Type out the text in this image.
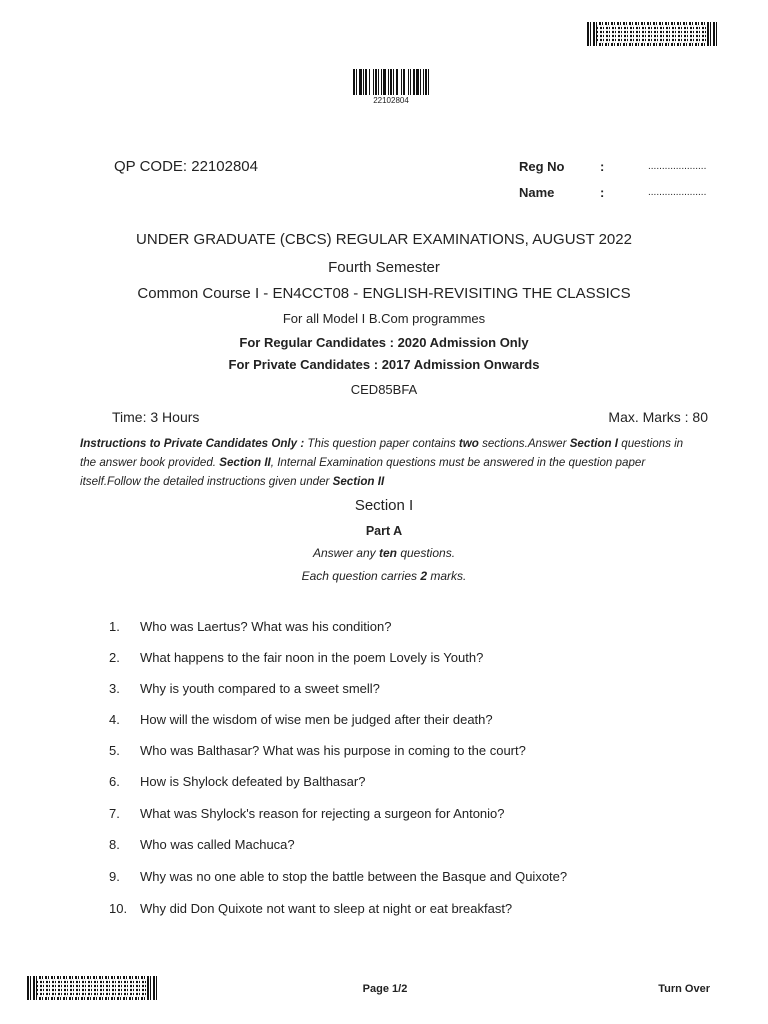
22102804
QP CODE: 22102804	Reg No	:	.....................
Name	:	.....................
UNDER GRADUATE (CBCS) REGULAR EXAMINATIONS, AUGUST 2022
Fourth Semester
Common Course I - EN4CCT08 - ENGLISH-REVISITING THE CLASSICS
For all Model I B.Com programmes
For Regular Candidates : 2020 Admission Only
For Private Candidates : 2017 Admission Onwards
CED85BFA
Time: 3 Hours	Max. Marks : 80
Instructions to Private Candidates Only : This question paper contains two sections.Answer Section I questions in the answer book provided. Section II, Internal Examination questions must be answered in the question paper itself.Follow the detailed instructions given under Section II
Section I
Part A
Answer any ten questions.
Each question carries 2 marks.
1. Who was Laertus? What was his condition?
2. What happens to the fair noon in the poem Lovely is Youth?
3. Why is youth compared to a sweet smell?
4. How will the wisdom of wise men be judged after their death?
5. Who was Balthasar? What was his purpose in coming to the court?
6. How is Shylock defeated by Balthasar?
7. What was Shylock's reason for rejecting a surgeon for Antonio?
8. Who was called Machuca?
9. Why was no one able to stop the battle between the Basque and Quixote?
10. Why did Don Quixote not want to sleep at night or eat breakfast?
Page 1/2	Turn Over
